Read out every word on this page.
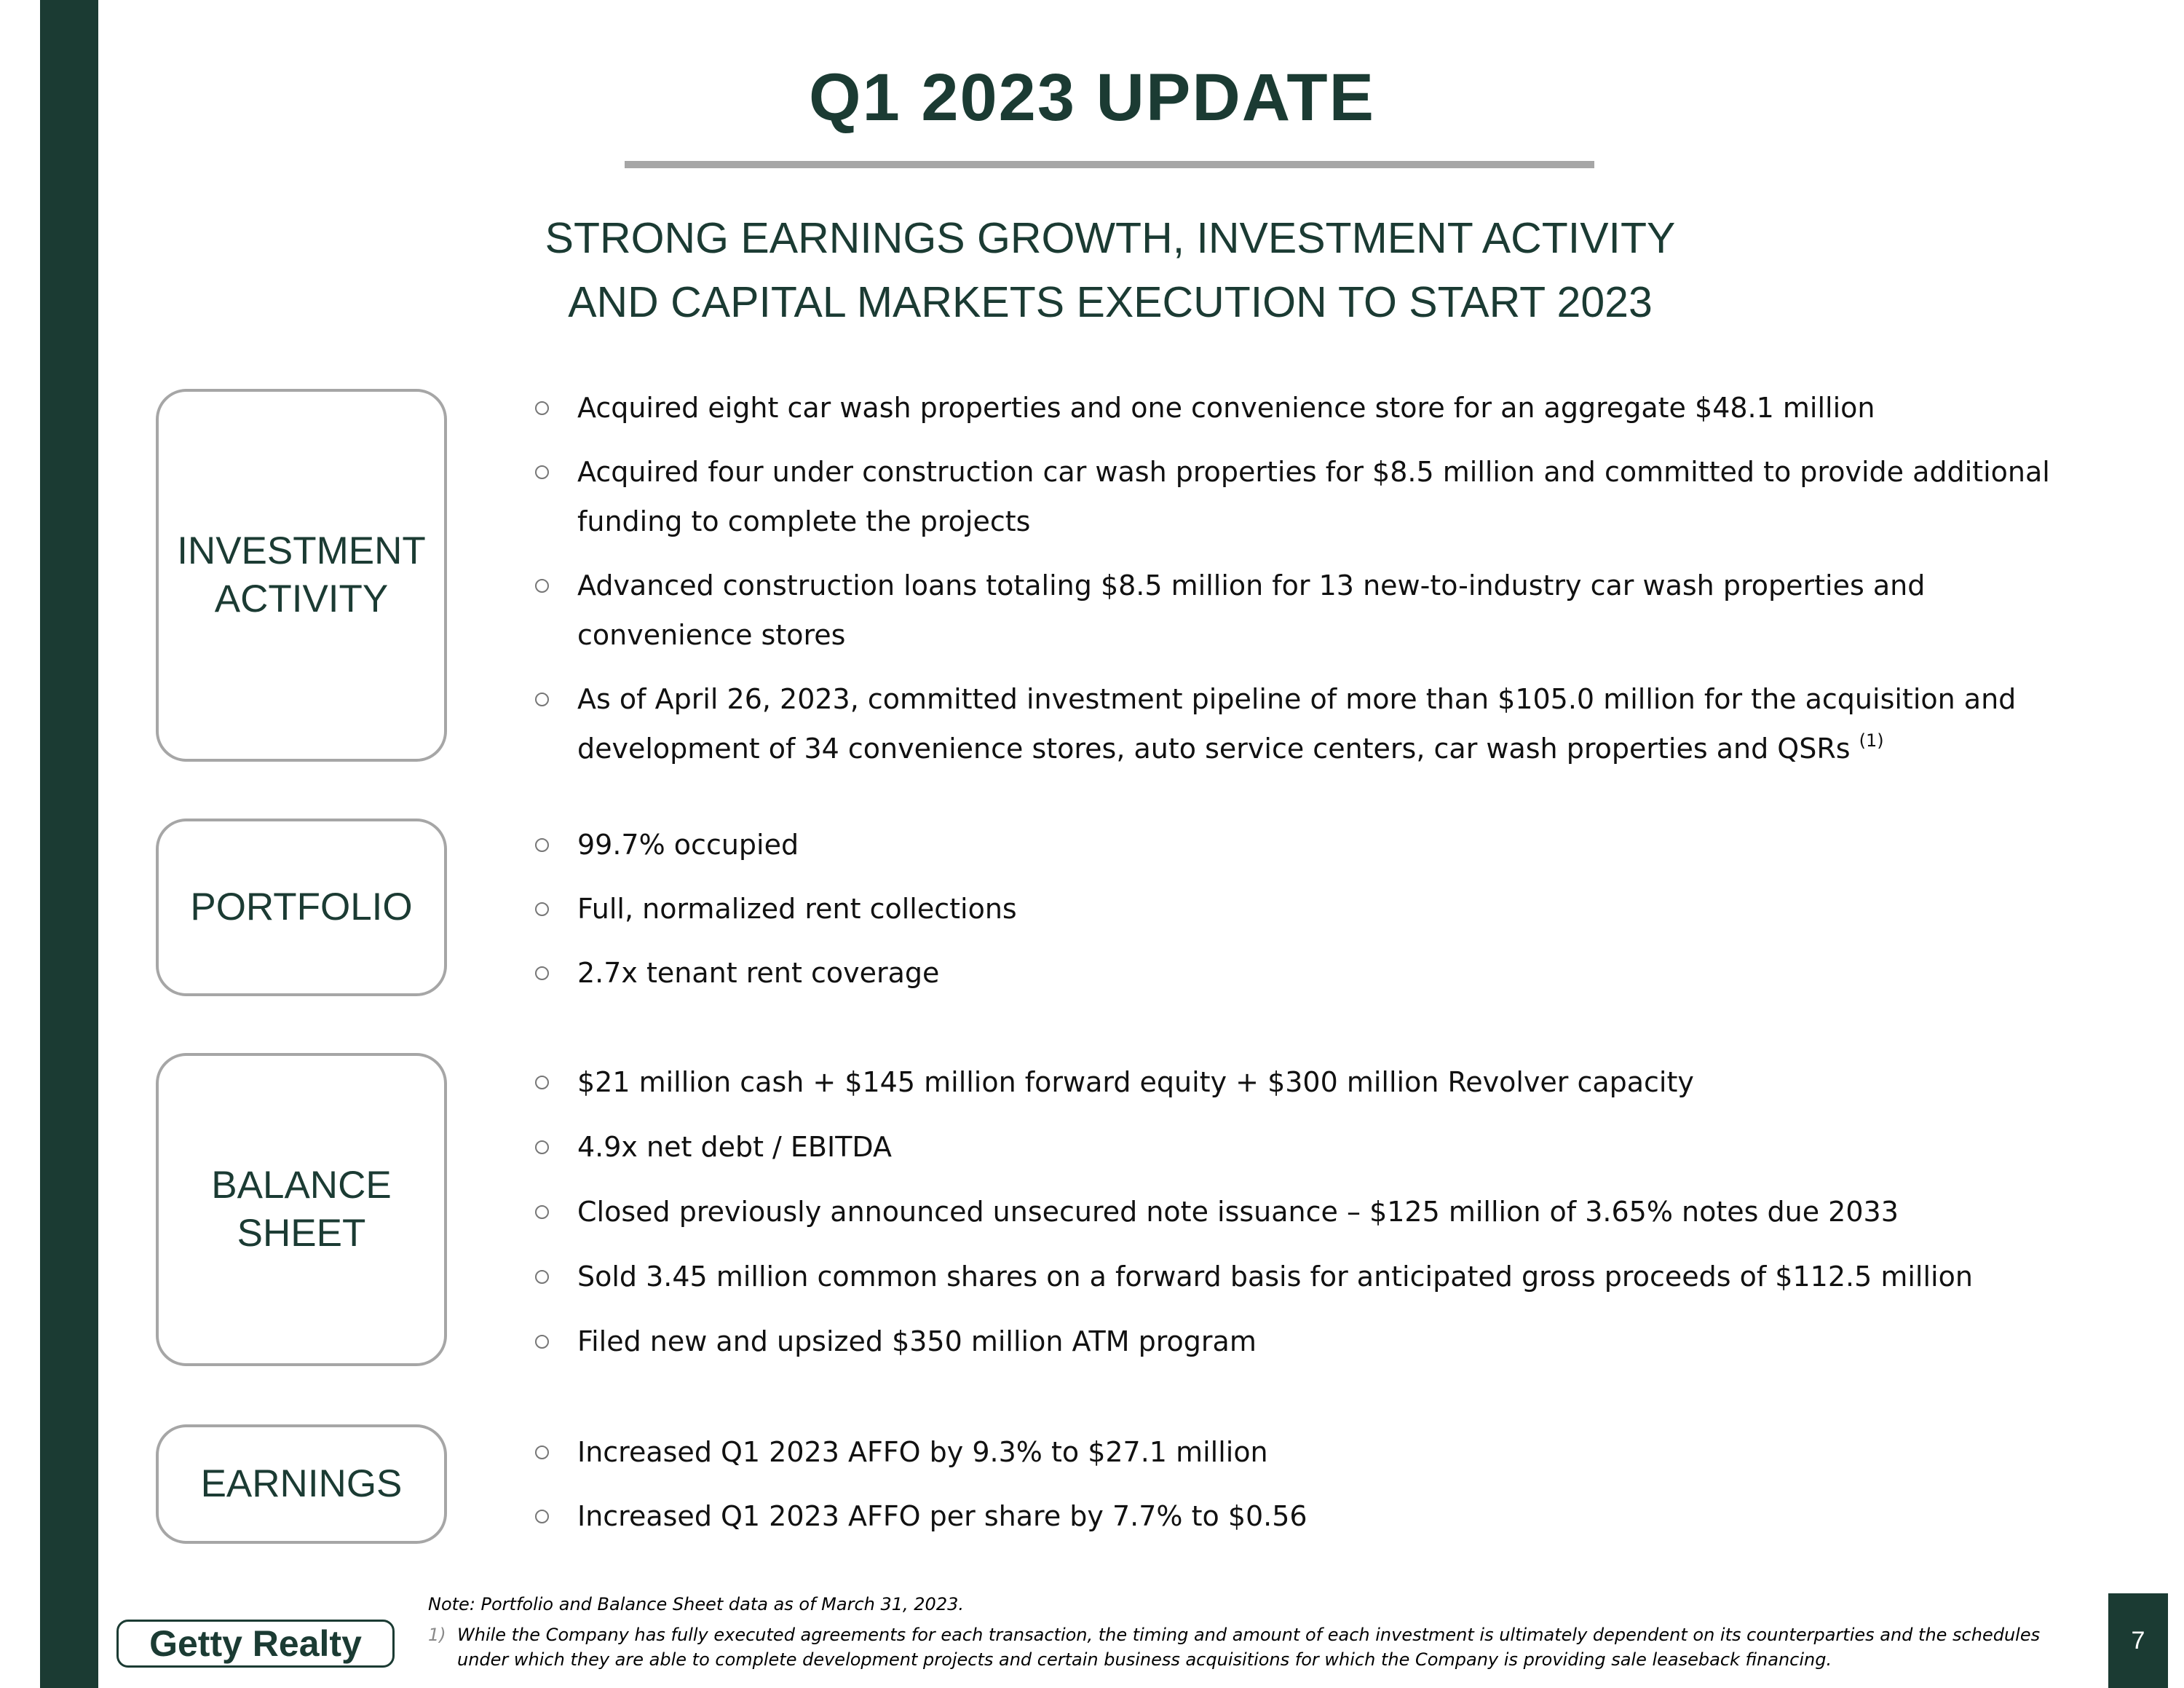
Q1 2023 UPDATE
STRONG EARNINGS GROWTH, INVESTMENT ACTIVITY
AND CAPITAL MARKETS EXECUTION TO START 2023
INVESTMENT
ACTIVITY
Acquired eight car wash properties and one convenience store for an aggregate $48.1 million
Acquired four under construction car wash properties for $8.5 million and committed to provide additional funding to complete the projects
Advanced construction loans totaling $8.5 million for 13 new-to-industry car wash properties and convenience stores
As of April 26, 2023, committed investment pipeline of more than $105.0 million for the acquisition and development of 34 convenience stores, auto service centers, car wash properties and QSRs $^{(1)}$
PORTFOLIO
99.7% occupied
Full, normalized rent collections
2.7x tenant rent coverage
BALANCE
SHEET
$21 million cash + $145 million forward equity + $300 million Revolver capacity
4.9x net debt / EBITDA
Closed previously announced unsecured note issuance – $125 million of 3.65% notes due 2033
Sold 3.45 million common shares on a forward basis for anticipated gross proceeds of $112.5 million
Filed new and upsized $350 million ATM program
EARNINGS
Increased Q1 2023 AFFO by 9.3% to $27.1 million
Increased Q1 2023 AFFO per share by 7.7% to $0.56
Note: Portfolio and Balance Sheet data as of March 31, 2023.
1) While the Company has fully executed agreements for each transaction, the timing and amount of each investment is ultimately dependent on its counterparties and the schedules under which they are able to complete development projects and certain business acquisitions for which the Company is providing sale leaseback financing.
Getty Realty	7
